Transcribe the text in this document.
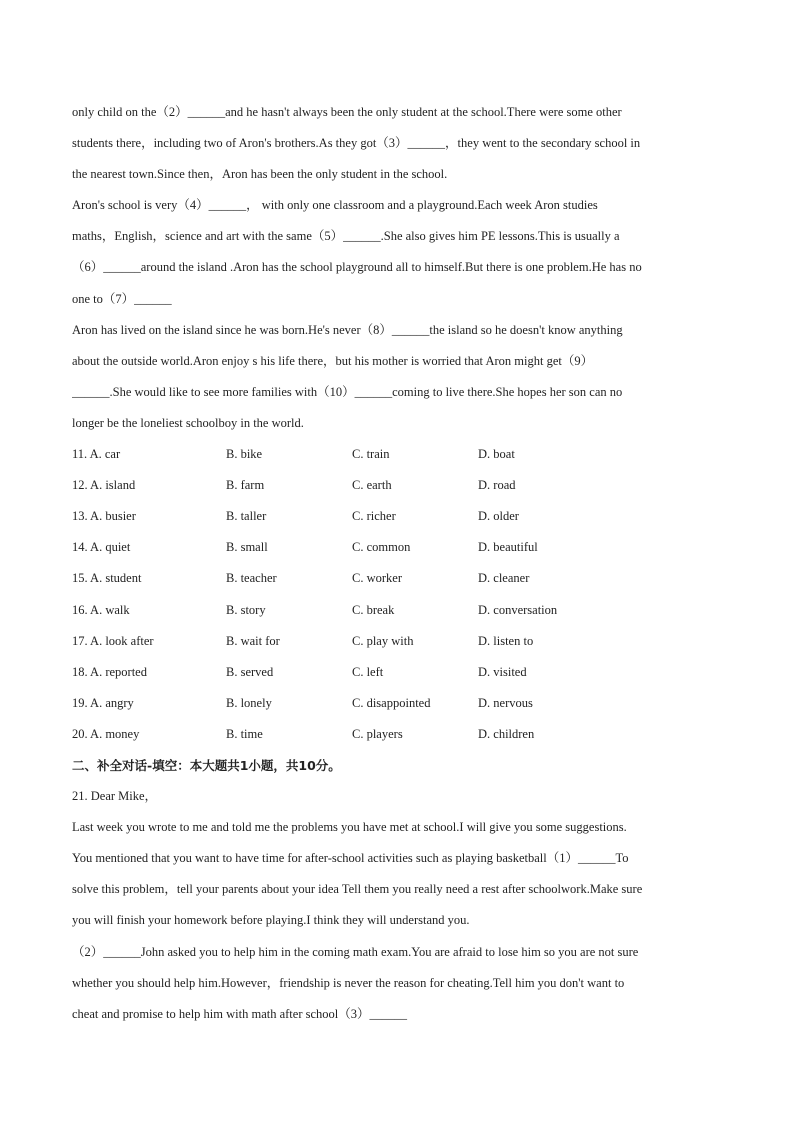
only child on the（2）______and he hasn't always been the only student at the school.There were some other
students there，including two of Aron's brothers.As they got（3）______，they went to the secondary school in
the nearest town.Since then，Aron has been the only student in the school.
Aron's school is very（4）______， with only one classroom and a playground.Each week Aron studies
maths，English，science and art with the same（5）______.She also gives him PE lessons.This is usually a
（6）______around the island .Aron has the school playground all to himself.But there is one problem.He has no
one to（7）______
Aron has lived on the island since he was born.He's never（8）______the island so he doesn't know anything
about the outside world.Aron enjoy s his life there，but his mother is worried that Aron might get（9）
______.She would like to see more families with（10）______coming to live there.She hopes her son can no
longer be the loneliest schoolboy in the world.
11. A. car	B. bike	C. train	D. boat
12. A. island	B. farm	C. earth	D. road
13. A. busier	B. taller	C. richer	D. older
14. A. quiet	B. small	C. common	D. beautiful
15. A. student	B. teacher	C. worker	D. cleaner
16. A. walk	B. story	C. break	D. conversation
17. A. look after	B. wait for	C. play with	D. listen to
18. A. reported	B. served	C. left	D. visited
19. A. angry	B. lonely	C. disappointed	D. nervous
20. A. money	B. time	C. players	D. children
二、补全对话-填空：本大题共1小题，共10分。
21. Dear Mike，
Last week you wrote to me and told me the problems you have met at school.I will give you some suggestions.
You mentioned that you want to have time for after-school activities such as playing basketball（1）______To
solve this problem，tell your parents about your idea Tell them you really need a rest after schoolwork.Make sure
you will finish your homework before playing.I think they will understand you.
（2）______John asked you to help him in the coming math exam.You are afraid to lose him so you are not sure
whether you should help him.However，friendship is never the reason for cheating.Tell him you don't want to
cheat and promise to help him with math after school（3）______
